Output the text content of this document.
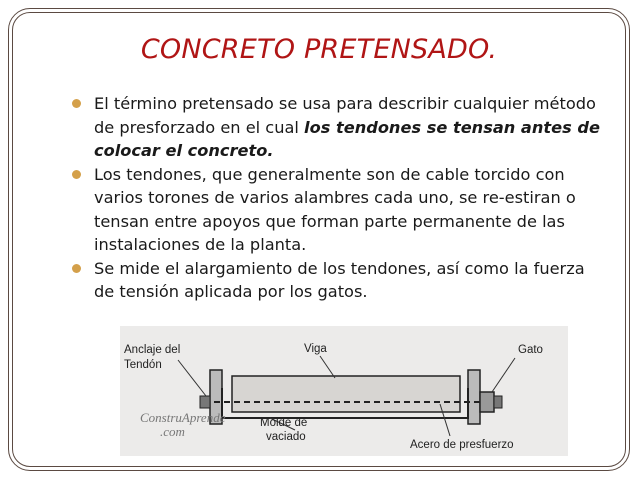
CONCRETO PRETENSADO.
El término pretensado se usa para describir cualquier método de presforzado en el cual los tendones se tensan antes de colocar el concreto.
Los tendones, que generalmente son de cable torcido con varios torones de varios alambres cada uno, se re-estiran o tensan entre apoyos que forman parte permanente de las instalaciones de la planta.
Se mide el alargamiento de los tendones, así como la fuerza de tensión aplicada por los gatos.
Anclaje del
Tendón
Viga	Gato
Molde de
vaciado
Acero de presfuerzo
ConstruAprende
.com
